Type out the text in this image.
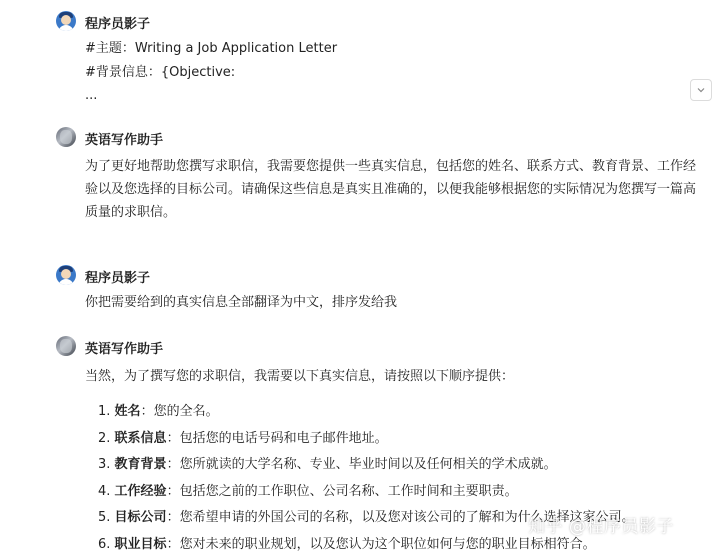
程序员影子
#主题：Writing a Job Application Letter
#背景信息：{Objective:
...
英语写作助手
为了更好地帮助您撰写求职信，我需要您提供一些真实信息，包括您的姓名、联系方式、教育背景、工作经验以及您选择的目标公司。请确保这些信息是真实且准确的，以便我能够根据您的实际情况为您撰写一篇高质量的求职信。
程序员影子
你把需要给到的真实信息全部翻译为中文，排序发给我
英语写作助手
当然，为了撰写您的求职信，我需要以下真实信息，请按照以下顺序提供：
1. 姓名：您的全名。
2. 联系信息：包括您的电话号码和电子邮件地址。
3. 教育背景：您所就读的大学名称、专业、毕业时间以及任何相关的学术成就。
4. 工作经验：包括您之前的工作职位、公司名称、工作时间和主要职责。
5. 目标公司：您希望申请的外国公司的名称，以及您对该公司的了解和为什么选择这家公司。
6. 职业目标：您对未来的职业规划，以及您认为这个职位如何与您的职业目标相符合。
知乎 @程序员影子
